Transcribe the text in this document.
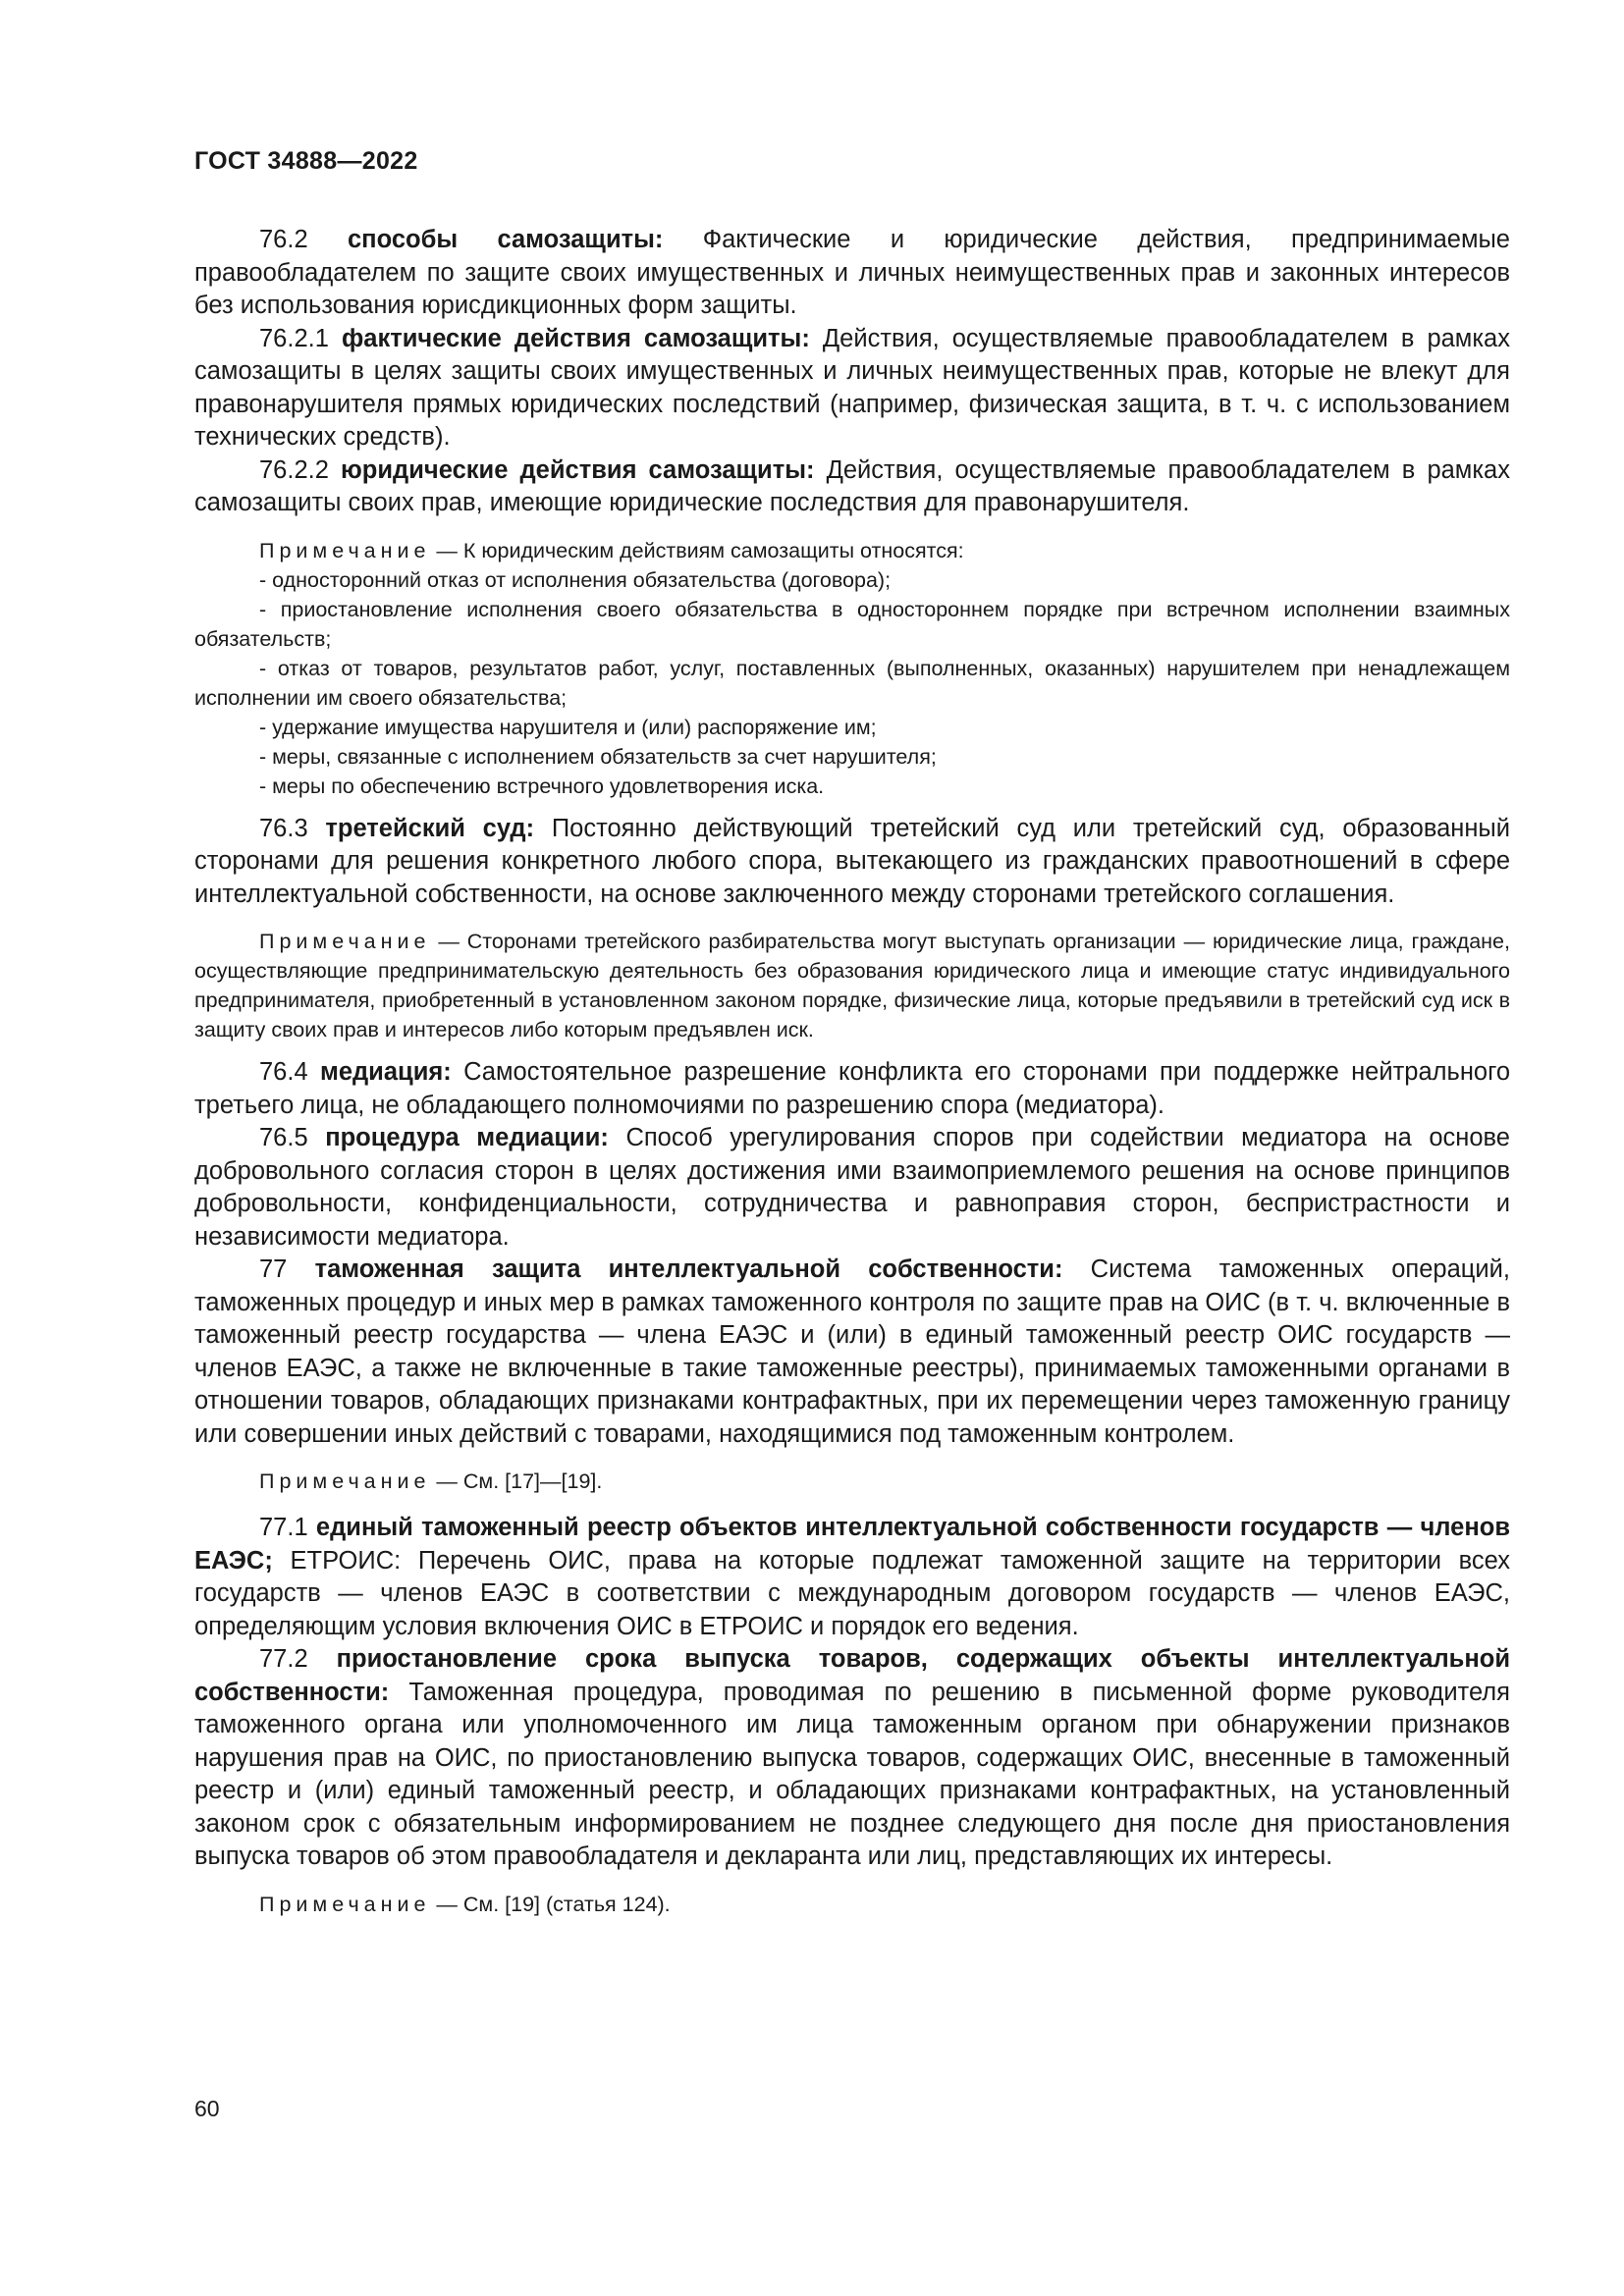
ГОСТ 34888—2022

76.2 способы самозащиты: Фактические и юридические действия, предпринимаемые правообладателем по защите своих имущественных и личных неимущественных прав и законных интересов без использования юрисдикционных форм защиты.

76.2.1 фактические действия самозащиты: Действия, осуществляемые правообладателем в рамках самозащиты в целях защиты своих имущественных и личных неимущественных прав, которые не влекут для правонарушителя прямых юридических последствий (например, физическая защита, в т. ч. с использованием технических средств).

76.2.2 юридические действия самозащиты: Действия, осуществляемые правообладателем в рамках самозащиты своих прав, имеющие юридические последствия для правонарушителя.

Примечание — К юридическим действиям самозащиты относятся:

- односторонний отказ от исполнения обязательства (договора);

- приостановление исполнения своего обязательства в одностороннем порядке при встречном исполнении взаимных обязательств;

- отказ от товаров, результатов работ, услуг, поставленных (выполненных, оказанных) нарушителем при ненадлежащем исполнении им своего обязательства;

- удержание имущества нарушителя и (или) распоряжение им;

- меры, связанные с исполнением обязательств за счет нарушителя;

- меры по обеспечению встречного удовлетворения иска.

76.3 третейский суд: Постоянно действующий третейский суд или третейский суд, образованный сторонами для решения конкретного любого спора, вытекающего из гражданских правоотношений в сфере интеллектуальной собственности, на основе заключенного между сторонами третейского соглашения.

Примечание — Сторонами третейского разбирательства могут выступать организации — юридические лица, граждане, осуществляющие предпринимательскую деятельность без образования юридического лица и имеющие статус индивидуального предпринимателя, приобретенный в установленном законом порядке, физические лица, которые предъявили в третейский суд иск в защиту своих прав и интересов либо которым предъявлен иск.

76.4 медиация: Самостоятельное разрешение конфликта его сторонами при поддержке нейтрального третьего лица, не обладающего полномочиями по разрешению спора (медиатора).

76.5 процедура медиации: Способ урегулирования споров при содействии медиатора на основе добровольного согласия сторон в целях достижения ими взаимоприемлемого решения на основе принципов добровольности, конфиденциальности, сотрудничества и равноправия сторон, беспристрастности и независимости медиатора.

77 таможенная защита интеллектуальной собственности: Система таможенных операций, таможенных процедур и иных мер в рамках таможенного контроля по защите прав на ОИС (в т. ч. включенные в таможенный реестр государства — члена ЕАЭС и (или) в единый таможенный реестр ОИС государств — членов ЕАЭС, а также не включенные в такие таможенные реестры), принимаемых таможенными органами в отношении товаров, обладающих признаками контрафактных, при их перемещении через таможенную границу или совершении иных действий с товарами, находящимися под таможенным контролем.

Примечание — См. [17]—[19].

77.1 единый таможенный реестр объектов интеллектуальной собственности государств — членов ЕАЭС; ЕТРОИС: Перечень ОИС, права на которые подлежат таможенной защите на территории всех государств — членов ЕАЭС в соответствии с международным договором государств — членов ЕАЭС, определяющим условия включения ОИС в ЕТРОИС и порядок его ведения.

77.2 приостановление срока выпуска товаров, содержащих объекты интеллектуальной собственности: Таможенная процедура, проводимая по решению в письменной форме руководителя таможенного органа или уполномоченного им лица таможенным органом при обнаружении признаков нарушения прав на ОИС, по приостановлению выпуска товаров, содержащих ОИС, внесенные в таможенный реестр и (или) единый таможенный реестр, и обладающих признаками контрафактных, на установленный законом срок с обязательным информированием не позднее следующего дня после дня приостановления выпуска товаров об этом правообладателя и декларанта или лиц, представляющих их интересы.

Примечание — См. [19] (статья 124).

60
